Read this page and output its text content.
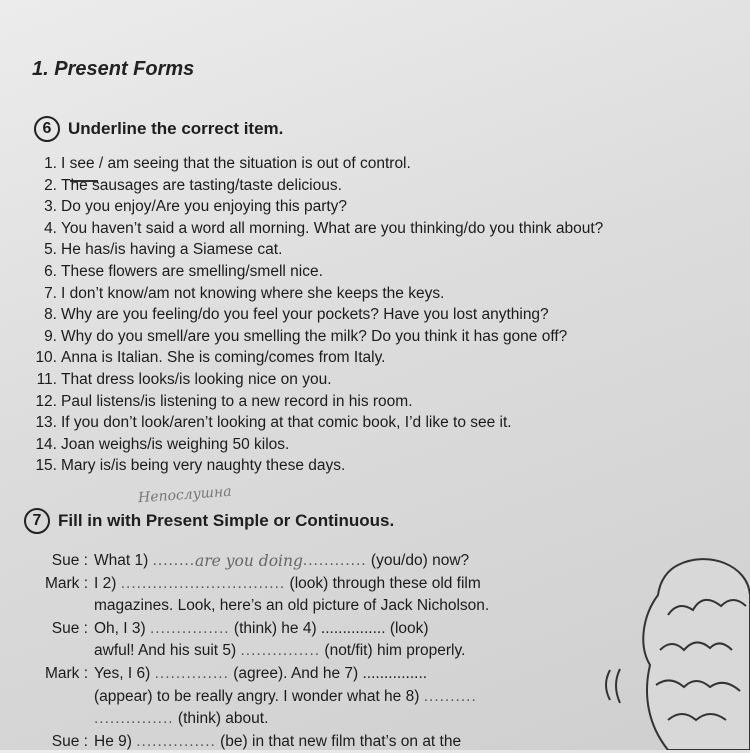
1. Present Forms
6 Underline the correct item.
1. I see / am seeing that the situation is out of control.
2. The sausages are tasting/taste delicious.
3. Do you enjoy/Are you enjoying this party?
4. You haven’t said a word all morning. What are you thinking/do you think about?
5. He has/is having a Siamese cat.
6. These flowers are smelling/smell nice.
7. I don’t know/am not knowing where she keeps the keys.
8. Why are you feeling/do you feel your pockets? Have you lost anything?
9. Why do you smell/are you smelling the milk? Do you think it has gone off?
10. Anna is Italian. She is coming/comes from Italy.
11. That dress looks/is looking nice on you.
12. Paul listens/is listening to a new record in his room.
13. If you don’t look/aren’t looking at that comic book, I’d like to see it.
14. Joan weighs/is weighing 50 kilos.
15. Mary is/is being very naughty these days.
Непослушна
7 Fill in with Present Simple or Continuous.
Sue : What 1)
........ are you doing ............
(you/do) now?
Mark : I 2)
...............................
(look) through these old film
magazines. Look, here’s an old picture of Jack Nicholson.
Sue : Oh, I 3)
...............
(think) he 4) ............... (look)
awful! And his suit 5)
...............
(not/fit) him properly.
Mark : Yes, I 6)
..............
(agree). And he 7) ...............
(appear) to be really angry. I wonder what he 8)
..........
...............
(think) about.
Sue : He 9)
...............
(be) in that new film that’s on at the
